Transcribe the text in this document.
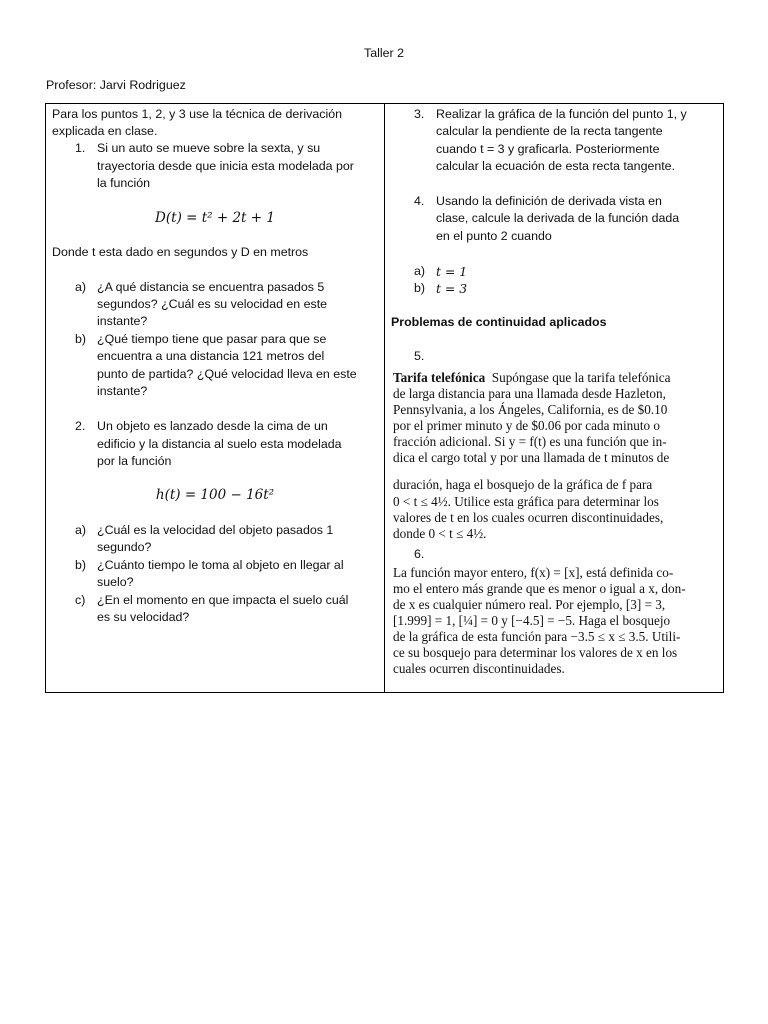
Taller 2
Profesor: Jarvi Rodriguez
Para los puntos 1, 2, y 3 use la técnica de derivación
explicada en clase.
1. Si un auto se mueve sobre la sexta, y su
trayectoria desde que inicia esta modelada por
la función
D(t) = t² + 2t + 1
Donde t esta dado en segundos y D en metros
a) ¿A qué distancia se encuentra pasados 5
segundos? ¿Cuál es su velocidad en este
instante?
b) ¿Qué tiempo tiene que pasar para que se
encuentra a una distancia 121 metros del
punto de partida? ¿Qué velocidad lleva en este
instante?
2. Un objeto es lanzado desde la cima de un
edificio y la distancia al suelo esta modelada
por la función
h(t) = 100 − 16t²
a) ¿Cuál es la velocidad del objeto pasados 1
segundo?
b) ¿Cuánto tiempo le toma al objeto en llegar al
suelo?
c) ¿En el momento en que impacta el suelo cuál
es su velocidad?
3. Realizar la gráfica de la función del punto 1, y
calcular la pendiente de la recta tangente
cuando t = 3 y graficarla. Posteriormente
calcular la ecuación de esta recta tangente.
4. Usando la definición de derivada vista en
clase, calcule la derivada de la función dada
en el punto 2 cuando
a) t = 1
b) t = 3
Problemas de continuidad aplicados
5.
Tarifa telefónica Supóngase que la tarifa telefónica
de larga distancia para una llamada desde Hazleton,
Pennsylvania, a los Ángeles, California, es de $0.10
por el primer minuto y de $0.06 por cada minuto o
fracción adicional. Si y = f(t) es una función que in-
dica el cargo total y por una llamada de t minutos de
duración, haga el bosquejo de la gráfica de f para
0 < t ≤ 4½. Utilice esta gráfica para determinar los
valores de t en los cuales ocurren discontinuidades,
donde 0 < t ≤ 4½.
6.
La función mayor entero, f(x) = [x], está definida co-
mo el entero más grande que es menor o igual a x, don-
de x es cualquier número real. Por ejemplo, [3] = 3,
[1.999] = 1, [¼] = 0 y [−4.5] = −5. Haga el bosquejo
de la gráfica de esta función para −3.5 ≤ x ≤ 3.5. Utili-
ce su bosquejo para determinar los valores de x en los
cuales ocurren discontinuidades.
